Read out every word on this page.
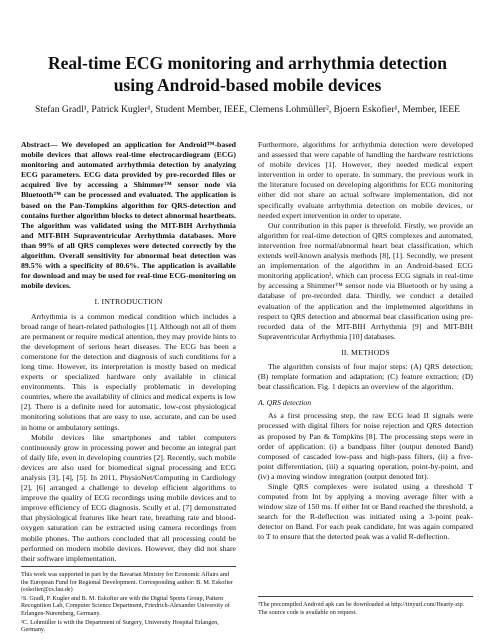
Real-time ECG monitoring and arrhythmia detection
using Android-based mobile devices
Stefan Gradl¹, Patrick Kugler¹, Student Member, IEEE, Clemens Lohmüller², Bjoern Eskofier¹, Member, IEEE
Abstract— We developed an application for Android™-based mobile devices that allows real-time electrocardiogram (ECG) monitoring and automated arrhythmia detection by analyzing ECG parameters. ECG data provided by pre-recorded files or acquired live by accessing a Shimmer™ sensor node via Bluetooth™ can be processed and evaluated. The application is based on the Pan-Tompkins algorithm for QRS-detection and contains further algorithm blocks to detect abnormal heartbeats. The algorithm was validated using the MIT-BIH Arrhythmia and MIT-BIH Supraventricular Arrhythmia databases. More than 99% of all QRS complexes were detected correctly by the algorithm. Overall sensitivity for abnormal beat detection was 89.5% with a specificity of 80.6%. The application is available for download and may be used for real-time ECG-monitoring on mobile devices.
I. INTRODUCTION

Arrhythmia is a common medical condition which includes a broad range of heart-related pathologies [1]. Although not all of them are permanent or require medical attention, they may provide hints to the development of serious heart diseases. The ECG has been a cornerstone for the detection and diagnosis of such conditions for a long time. However, its interpretation is mostly based on medical experts or specialized hardware only available in clinical environments. This is especially problematic in developing countries, where the availability of clinics and medical experts is low [2]. There is a definite need for automatic, low-cost physiological monitoring solutions that are easy to use, accurate, and can be used in home or ambulatory settings.

Mobile devices like smartphones and tablet computers continuously grow in processing power and become an integral part of daily life, even in developing countries [2]. Recently, such mobile devices are also used for biomedical signal processing and ECG analysis [3], [4], [5]. In 2011, PhysioNet/Computing in Cardiology [2], [6] arranged a challenge to develop efficient algorithms to improve the quality of ECG recordings using mobile devices and to improve efficiency of ECG diagnosis. Scully et al. [7] demonstrated that physiological features like heart rate, breathing rate and blood-oxygen saturation can be extracted using camera recordings from mobile phones. The authors concluded that all processing could be performed on modern mobile devices. However, they did not share their software implementation.

This work was supported in part by the Bavarian Ministry for Economic Affairs and the European Fund for Regional Development. Corresponding author: B. M. Eskofier (eskofier@cs.fau.de)
¹S. Gradl, P. Kugler and B. M. Eskofier are with the Digital Sports Group, Pattern Recognition Lab, Computer Science Department, Friedrich-Alexander University of Erlangen-Nuremberg, Germany.
²C. Lohmüller is with the Department of Surgery, University Hospital Erlangen, Germany.

Furthermore, algorithms for arrhythmia detection were developed and assessed that were capable of handling the hardware restrictions of mobile devices [1]. However, they needed medical expert intervention in order to operate. In summary, the previous work in the literature focused on developing algorithms for ECG monitoring either did not share an actual software implementation, did not specifically evaluate arrhythmia detection on mobile devices, or needed expert intervention in order to operate.

Our contribution in this paper is threefold. Firstly, we provide an algorithm for real-time detection of QRS complexes and automated, intervention free normal/abnormal heart beat classification, which extends well-known analysis methods [8], [1]. Secondly, we present an implementation of the algorithm in an Android-based ECG monitoring application³, which can process ECG signals in real-time by accessing a Shimmer™ sensor node via Bluetooth or by using a database of pre-recorded data. Thirdly, we conduct a detailed evaluation of the application and the implemented algorithms in respect to QRS detection and abnormal beat classification using pre-recorded data of the MIT-BIH Arrhythmia [9] and MIT-BIH Supraventricular Arrhythmia [10] databases.

II. METHODS

The algorithm consists of four major steps: (A) QRS detection; (B) template formation and adaptation; (C) feature extraction; (D) beat classification. Fig. 1 depicts an overview of the algorithm.

A. QRS detection

As a first processing step, the raw ECG lead II signals were processed with digital filters for noise rejection and QRS detection as proposed by Pan & Tompkins [8]. The processing steps were in order of application: (i) a bandpass filter (output denoted Band) composed of cascaded low-pass and high-pass filters, (ii) a five-point differentiation, (iii) a squaring operation, point-by-point, and (iv) a moving window integration (output denoted Int).

Single QRS complexes were isolated using a threshold T computed from Int by applying a moving average filter with a window size of 150 ms. If either Int or Band reached the threshold, a search for the R-deflection was initiated using a 3-point peak-detector on Band. For each peak candidate, Int was again compared to T to ensure that the detected peak was a valid R-deflection.

³The precompiled Android apk can be downloaded at http://tinyurl.com/Hearty-zip. The source code is available on request.
